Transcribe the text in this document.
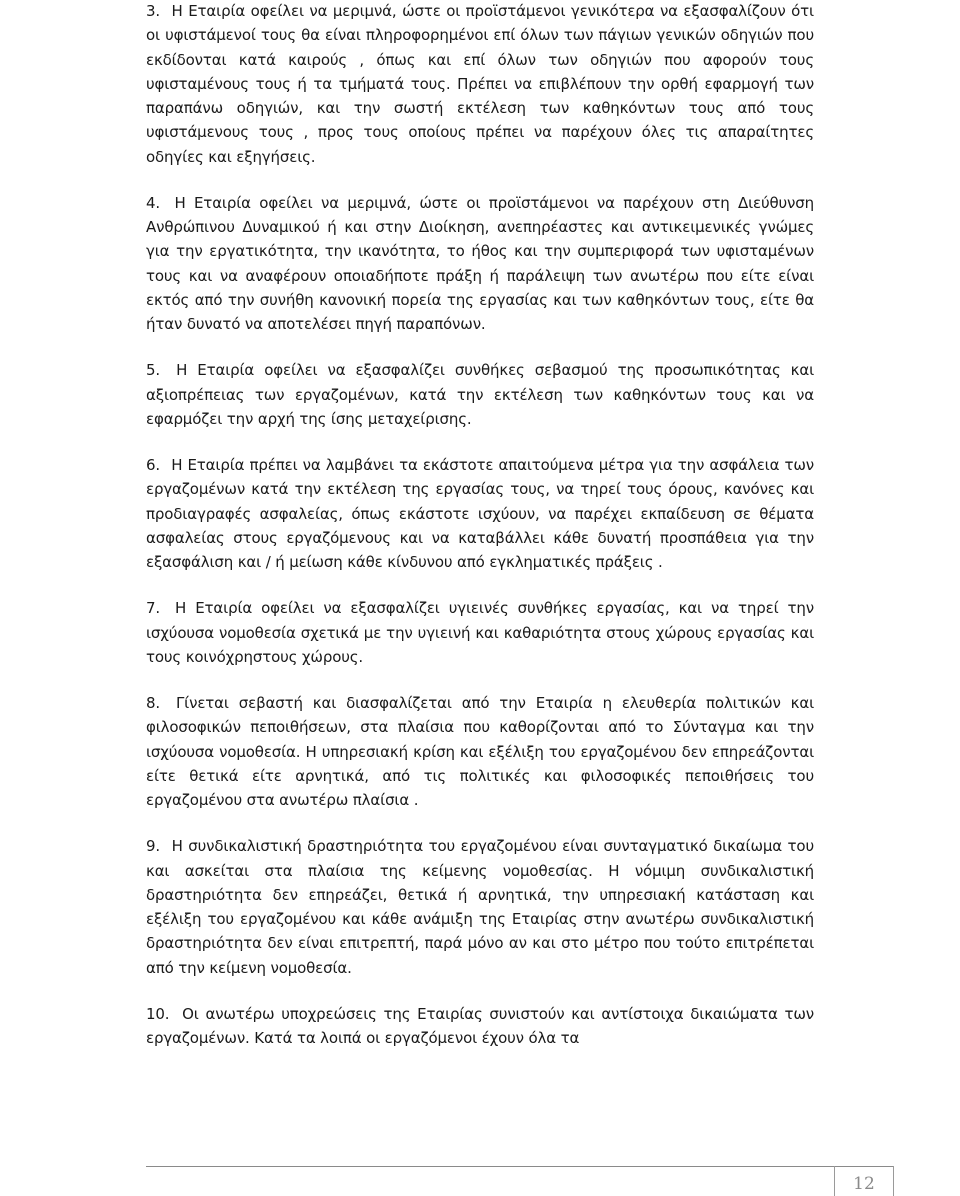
3. Η Εταιρία οφείλει να μεριμνά, ώστε οι προϊστάμενοι γενικότερα να εξασφαλίζουν ότι οι υφιστάμενοί τους θα είναι πληροφορημένοι επί όλων των πάγιων γενικών οδηγιών που εκδίδονται κατά καιρούς , όπως και επί όλων των οδηγιών που αφορούν τους υφισταμένους τους ή τα τμήματά τους. Πρέπει να επιβλέπουν την ορθή εφαρμογή των παραπάνω οδηγιών, και την σωστή εκτέλεση των καθηκόντων τους από τους υφιστάμενους τους , προς τους οποίους πρέπει να παρέχουν όλες τις απαραίτητες οδηγίες και εξηγήσεις.

4. Η Εταιρία οφείλει να μεριμνά, ώστε οι προϊστάμενοι να παρέχουν στη Διεύθυνση Ανθρώπινου Δυναμικού ή και στην Διοίκηση, ανεπηρέαστες και αντικειμενικές γνώμες για την εργατικότητα, την ικανότητα, το ήθος και την συμπεριφορά των υφισταμένων τους και να αναφέρουν οποιαδήποτε πράξη ή παράλειψη των ανωτέρω που είτε είναι εκτός από την συνήθη κανονική πορεία της εργασίας και των καθηκόντων τους, είτε θα ήταν δυνατό να αποτελέσει πηγή παραπόνων.

5. Η Εταιρία οφείλει να εξασφαλίζει συνθήκες σεβασμού της προσωπικότητας και αξιοπρέπειας των εργαζομένων, κατά την εκτέλεση των καθηκόντων τους και να εφαρμόζει την αρχή της ίσης μεταχείρισης.

6. Η Εταιρία πρέπει να λαμβάνει τα εκάστοτε απαιτούμενα μέτρα για την ασφάλεια των εργαζομένων κατά την εκτέλεση της εργασίας τους, να τηρεί τους όρους, κανόνες και προδιαγραφές ασφαλείας, όπως εκάστοτε ισχύουν, να παρέχει εκπαίδευση σε θέματα ασφαλείας στους εργαζόμενους και να καταβάλλει κάθε δυνατή προσπάθεια για την εξασφάλιση και / ή μείωση κάθε κίνδυνου από εγκληματικές πράξεις .

7. Η Εταιρία οφείλει να εξασφαλίζει υγιεινές συνθήκες εργασίας, και να τηρεί την ισχύουσα νομοθεσία σχετικά με την υγιεινή και καθαριότητα στους χώρους εργασίας και τους κοινόχρηστους χώρους.

8. Γίνεται σεβαστή και διασφαλίζεται από την Εταιρία η ελευθερία πολιτικών και φιλοσοφικών πεποιθήσεων, στα πλαίσια που καθορίζονται από το Σύνταγμα και την ισχύουσα νομοθεσία. Η υπηρεσιακή κρίση και εξέλιξη του εργαζομένου δεν επηρεάζονται είτε θετικά είτε αρνητικά, από τις πολιτικές και φιλοσοφικές πεποιθήσεις του εργαζομένου στα ανωτέρω πλαίσια .

9. Η συνδικαλιστική δραστηριότητα του εργαζομένου είναι συνταγματικό δικαίωμα του και ασκείται στα πλαίσια της κείμενης νομοθεσίας. Η νόμιμη συνδικαλιστική δραστηριότητα δεν επηρεάζει, θετικά ή αρνητικά, την υπηρεσιακή κατάσταση και εξέλιξη του εργαζομένου και κάθε ανάμιξη της Εταιρίας στην ανωτέρω συνδικαλιστική δραστηριότητα δεν είναι επιτρεπτή, παρά μόνο αν και στο μέτρο που τούτο επιτρέπεται από την κείμενη νομοθεσία.

10. Οι ανωτέρω υποχρεώσεις της Εταιρίας συνιστούν και αντίστοιχα δικαιώματα των εργαζομένων. Κατά τα λοιπά οι εργαζόμενοι έχουν όλα τα

12
